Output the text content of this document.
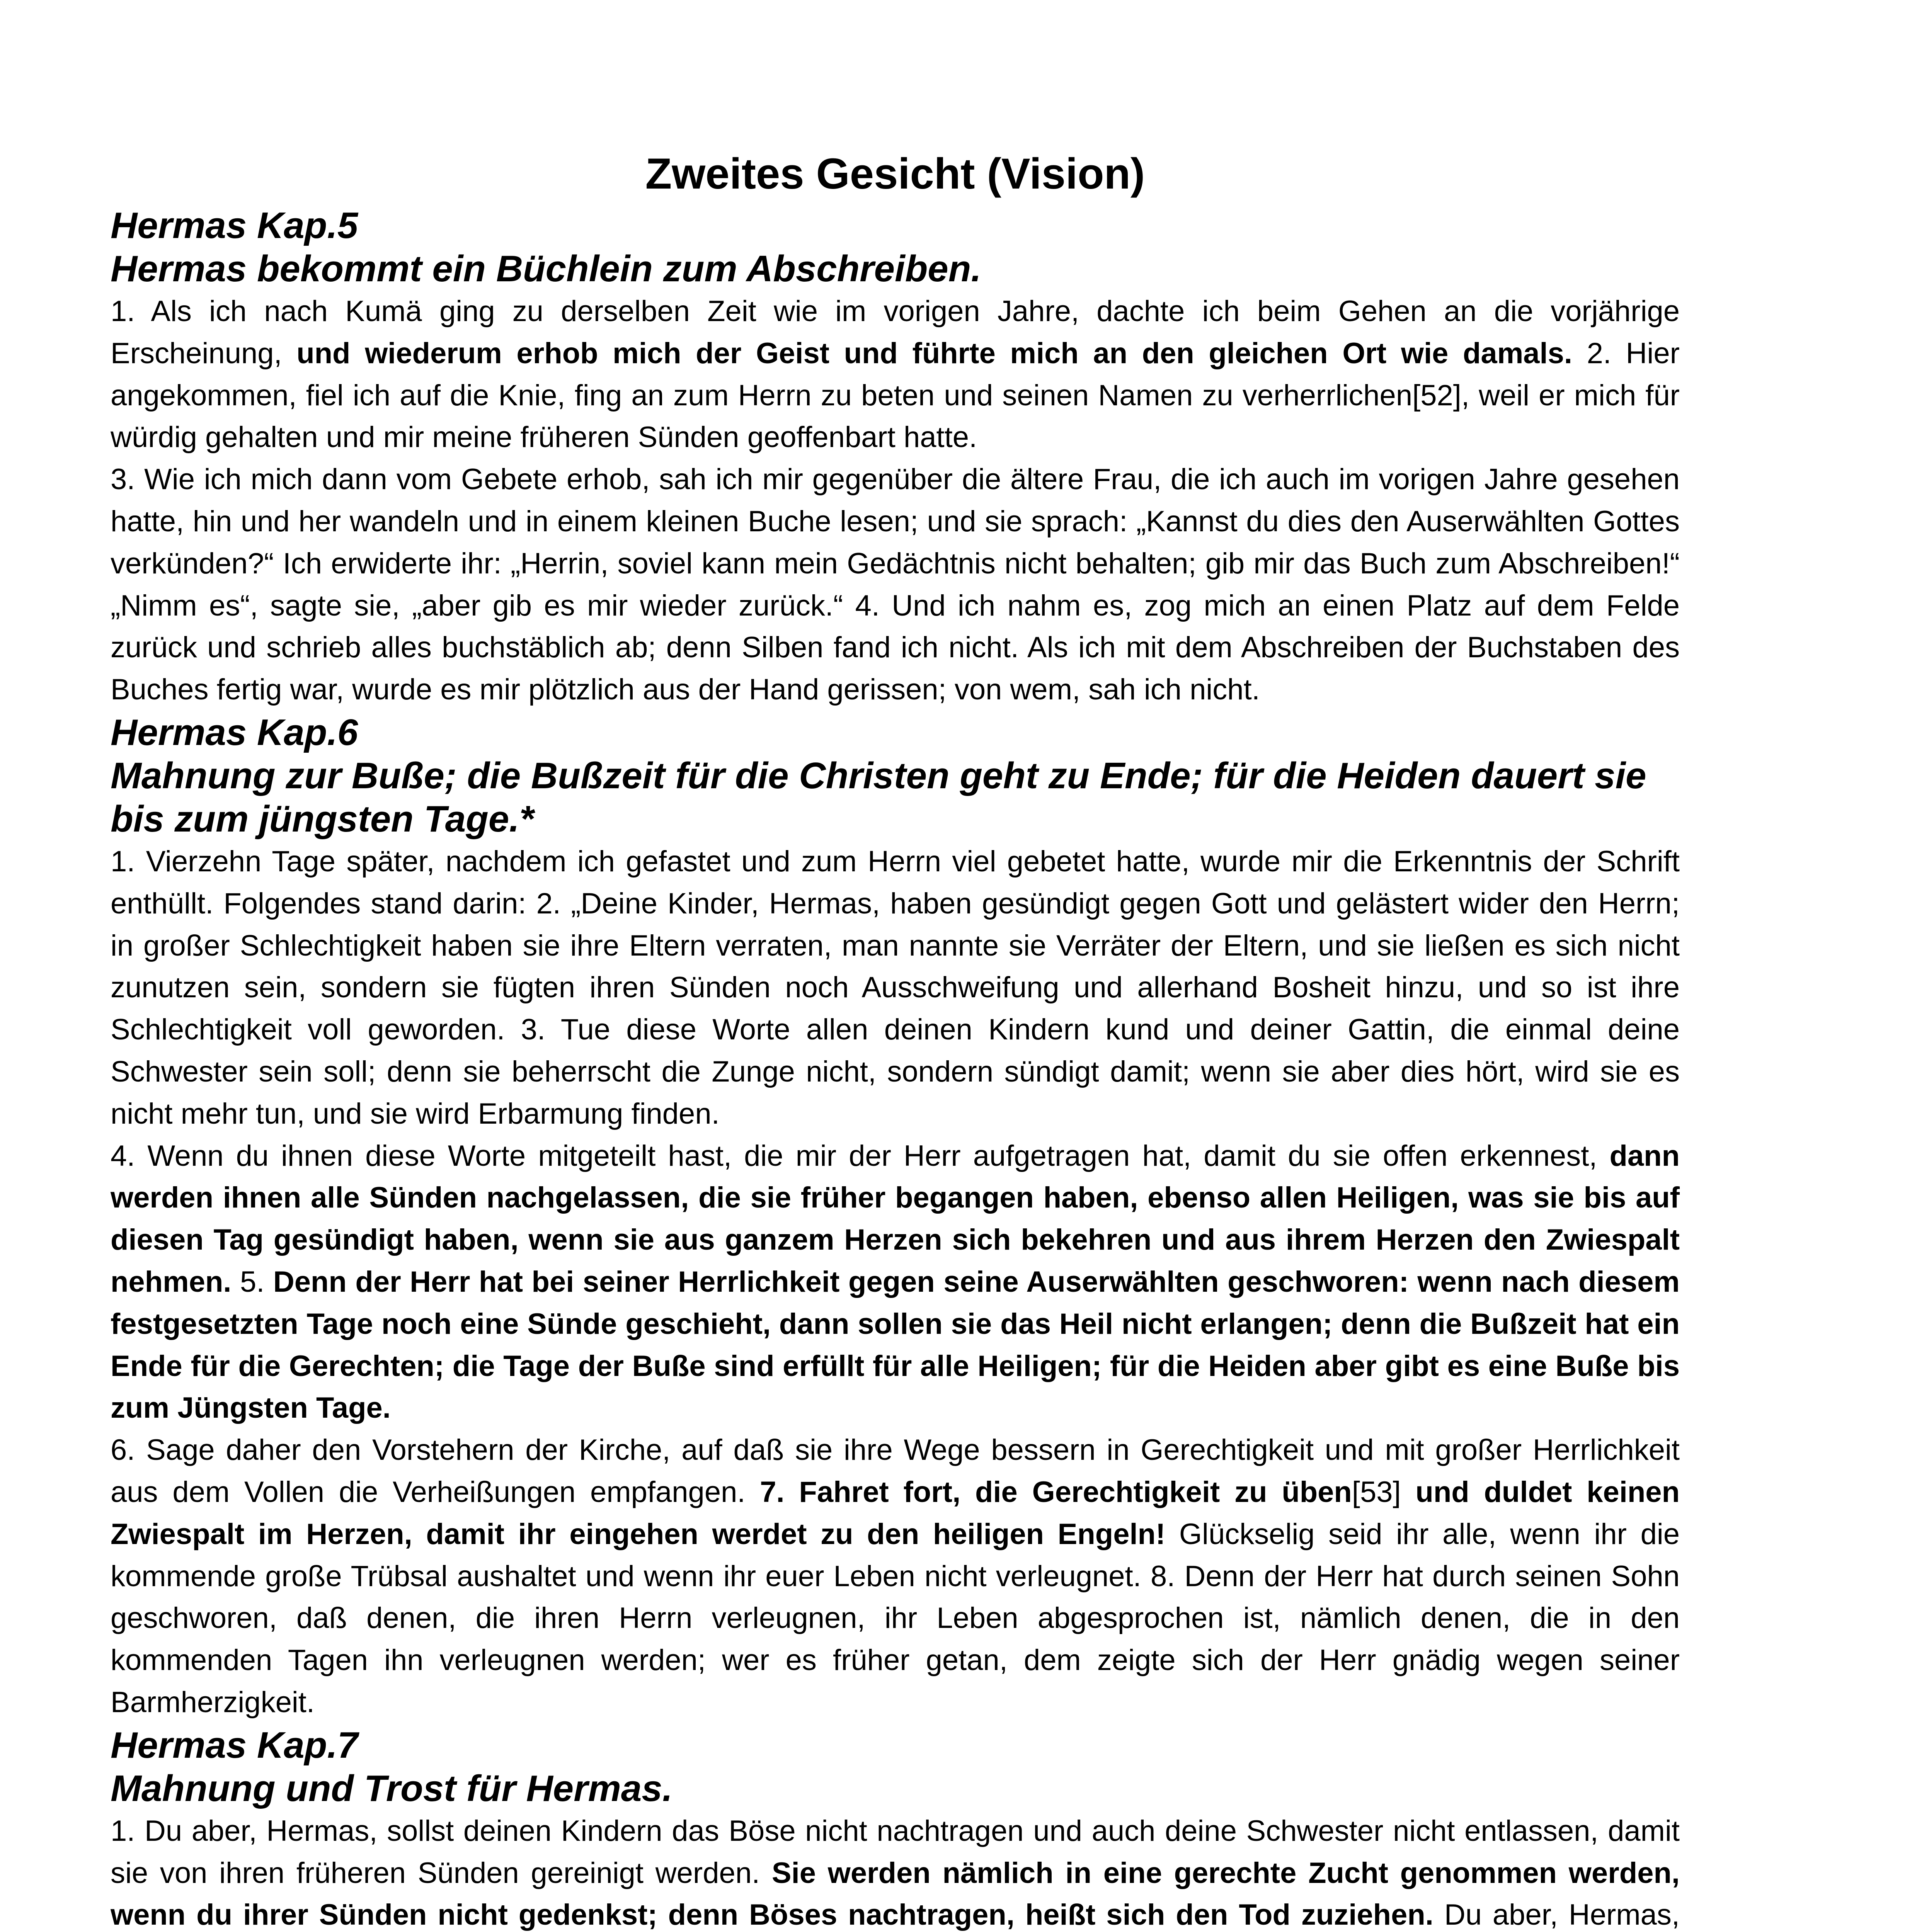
Zweites Gesicht (Vision)
Hermas Kap.5
Hermas bekommt ein Büchlein zum Abschreiben.

1. Als ich nach Kumä ging zu derselben Zeit wie im vorigen Jahre, dachte ich beim Gehen an die vorjährige Erscheinung, und wiederum erhob mich der Geist und führte mich an den gleichen Ort wie damals. 2. Hier angekommen, fiel ich auf die Knie, fing an zum Herrn zu beten und seinen Namen zu verherrlichen[52], weil er mich für würdig gehalten und mir meine früheren Sünden geoffenbart hatte.

3. Wie ich mich dann vom Gebete erhob, sah ich mir gegenüber die ältere Frau, die ich auch im vorigen Jahre gesehen hatte, hin und her wandeln und in einem kleinen Buche lesen; und sie sprach: „Kannst du dies den Auserwählten Gottes verkünden?“ Ich erwiderte ihr: „Herrin, soviel kann mein Gedächtnis nicht behalten; gib mir das Buch zum Abschreiben!“ „Nimm es“, sagte sie, „aber gib es mir wieder zurück.“ 4. Und ich nahm es, zog mich an einen Platz auf dem Felde zurück und schrieb alles buchstäblich ab; denn Silben fand ich nicht. Als ich mit dem Abschreiben der Buchstaben des Buches fertig war, wurde es mir plötzlich aus der Hand gerissen; von wem, sah ich nicht.

Hermas Kap.6
Mahnung zur Buße; die Bußzeit für die Christen geht zu Ende; für die Heiden dauert sie bis zum jüngsten Tage.*

1. Vierzehn Tage später, nachdem ich gefastet und zum Herrn viel gebetet hatte, wurde mir die Erkenntnis der Schrift enthüllt. Folgendes stand darin: 2. „Deine Kinder, Hermas, haben gesündigt gegen Gott und gelästert wider den Herrn; in großer Schlechtigkeit haben sie ihre Eltern verraten, man nannte sie Verräter der Eltern, und sie ließen es sich nicht zunutzen sein, sondern sie fügten ihren Sünden noch Ausschweifung und allerhand Bosheit hinzu, und so ist ihre Schlechtigkeit voll geworden. 3. Tue diese Worte allen deinen Kindern kund und deiner Gattin, die einmal deine Schwester sein soll; denn sie beherrscht die Zunge nicht, sondern sündigt damit; wenn sie aber dies hört, wird sie es nicht mehr tun, und sie wird Erbarmung finden.

4. Wenn du ihnen diese Worte mitgeteilt hast, die mir der Herr aufgetragen hat, damit du sie offen erkennest, dann werden ihnen alle Sünden nachgelassen, die sie früher begangen haben, ebenso allen Heiligen, was sie bis auf diesen Tag gesündigt haben, wenn sie aus ganzem Herzen sich bekehren und aus ihrem Herzen den Zwiespalt nehmen. 5. Denn der Herr hat bei seiner Herrlichkeit gegen seine Auserwählten geschworen: wenn nach diesem festgesetzten Tage noch eine Sünde geschieht, dann sollen sie das Heil nicht erlangen; denn die Bußzeit hat ein Ende für die Gerechten; die Tage der Buße sind erfüllt für alle Heiligen; für die Heiden aber gibt es eine Buße bis zum Jüngsten Tage.

6. Sage daher den Vorstehern der Kirche, auf daß sie ihre Wege bessern in Gerechtigkeit und mit großer Herrlichkeit aus dem Vollen die Verheißungen empfangen. 7. Fahret fort, die Gerechtigkeit zu üben[53] und duldet keinen Zwiespalt im Herzen, damit ihr eingehen werdet zu den heiligen Engeln! Glückselig seid ihr alle, wenn ihr die kommende große Trübsal aushaltet und wenn ihr euer Leben nicht verleugnet. 8. Denn der Herr hat durch seinen Sohn geschworen, daß denen, die ihren Herrn verleugnen, ihr Leben abgesprochen ist, nämlich denen, die in den kommenden Tagen ihn verleugnen werden; wer es früher getan, dem zeigte sich der Herr gnädig wegen seiner Barmherzigkeit.

Hermas Kap.7
Mahnung und Trost für Hermas.

1. Du aber, Hermas, sollst deinen Kindern das Böse nicht nachtragen und auch deine Schwester nicht entlassen, damit sie von ihren früheren Sünden gereinigt werden. Sie werden nämlich in eine gerechte Zucht genommen werden, wenn du ihrer Sünden nicht gedenkst; denn Böses nachtragen, heißt sich den Tod zuziehen. Du aber, Hermas,
